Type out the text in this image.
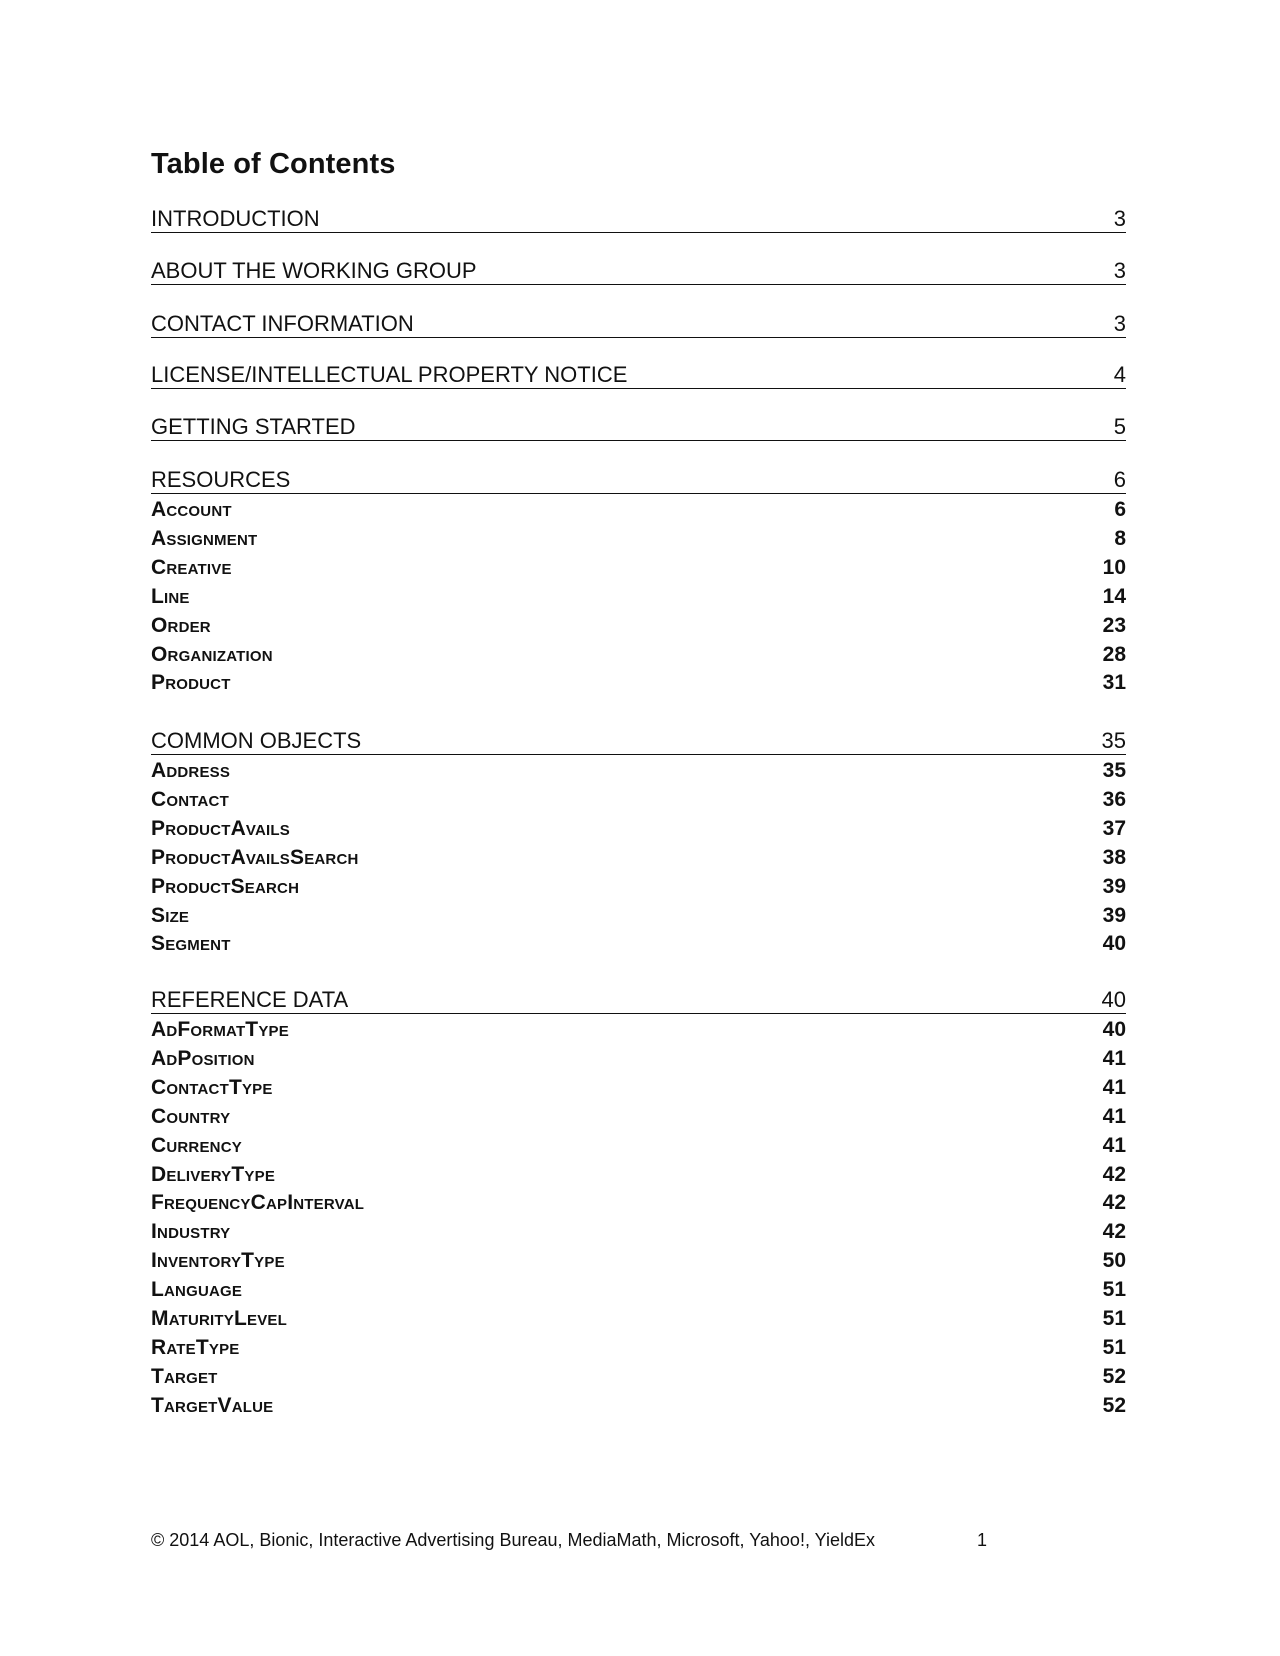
Table of Contents
INTRODUCTION	3
ABOUT THE WORKING GROUP	3
CONTACT INFORMATION	3
LICENSE/INTELLECTUAL PROPERTY NOTICE	4
GETTING STARTED	5
RESOURCES	6
Account	6
Assignment	8
Creative	10
Line	14
Order	23
Organization	28
Product	31
COMMON OBJECTS	35
Address	35
Contact	36
ProductAvails	37
ProductAvailsSearch	38
ProductSearch	39
Size	39
Segment	40
REFERENCE DATA	40
AdFormatType	40
AdPosition	41
ContactType	41
Country	41
Currency	41
DeliveryType	42
FrequencyCapInterval	42
Industry	42
InventoryType	50
Language	51
MaturityLevel	51
RateType	51
Target	52
TargetValue	52
© 2014 AOL, Bionic, Interactive Advertising Bureau, MediaMath, Microsoft, Yahoo!, YieldEx	1
